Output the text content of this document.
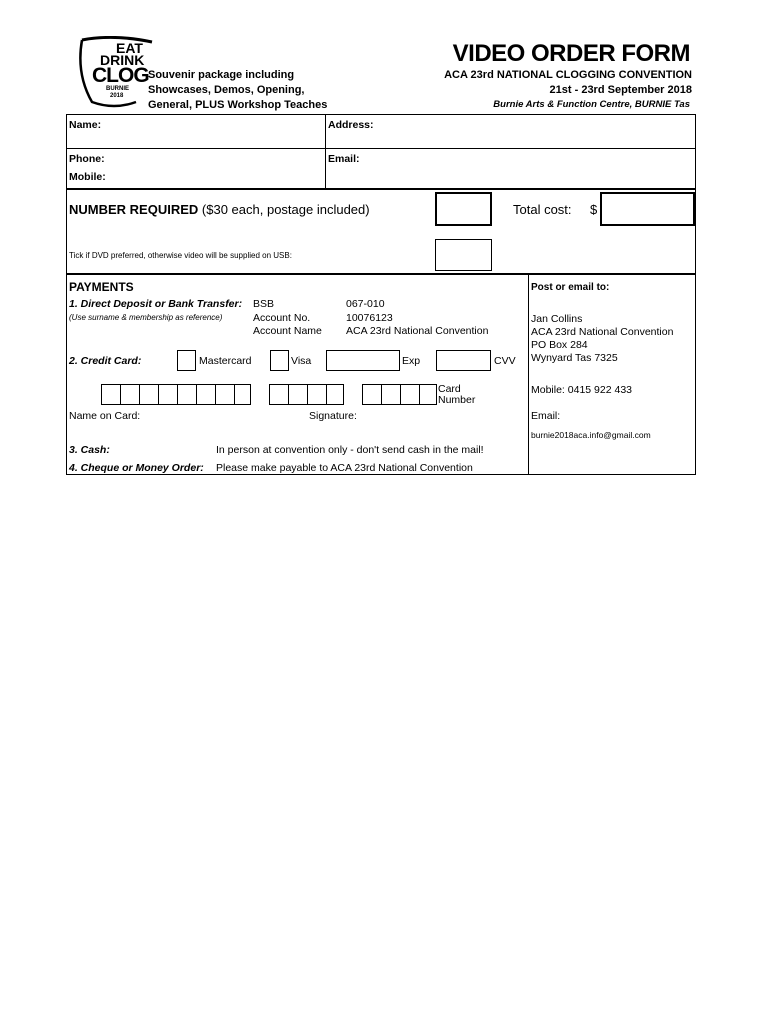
EAT
DRINK
CLOG
BURNIE
2018
Souvenir package including
Showcases, Demos, Opening,
General, PLUS Workshop Teaches
VIDEO ORDER FORM
ACA 23rd NATIONAL CLOGGING CONVENTION
21st - 23rd September 2018
Burnie Arts & Function Centre, BURNIE Tas
Name:	Address:
Phone:	Email:
Mobile:
NUMBER REQUIRED ($30 each, postage included)	Total cost: $
Tick if DVD preferred, otherwise video will be supplied on USB:
PAYMENTS
1. Direct Deposit or Bank Transfer:
(Use surname & membership as reference)
BSB	067-010
Account No.	10076123
Account Name ACA 23rd National Convention
2. Credit Card:	Mastercard	Visa	Exp	CVV
Card
Number
Name on Card:	Signature:
3. Cash:	In person at convention only - don't send cash in the mail!
4. Cheque or Money Order: Please make payable to ACA 23rd National Convention
Post or email to:
Jan Collins
ACA 23rd National Convention
PO Box 284
Wynyard Tas 7325
Mobile: 0415 922 433
Email:
burnie2018aca.info@gmail.com
